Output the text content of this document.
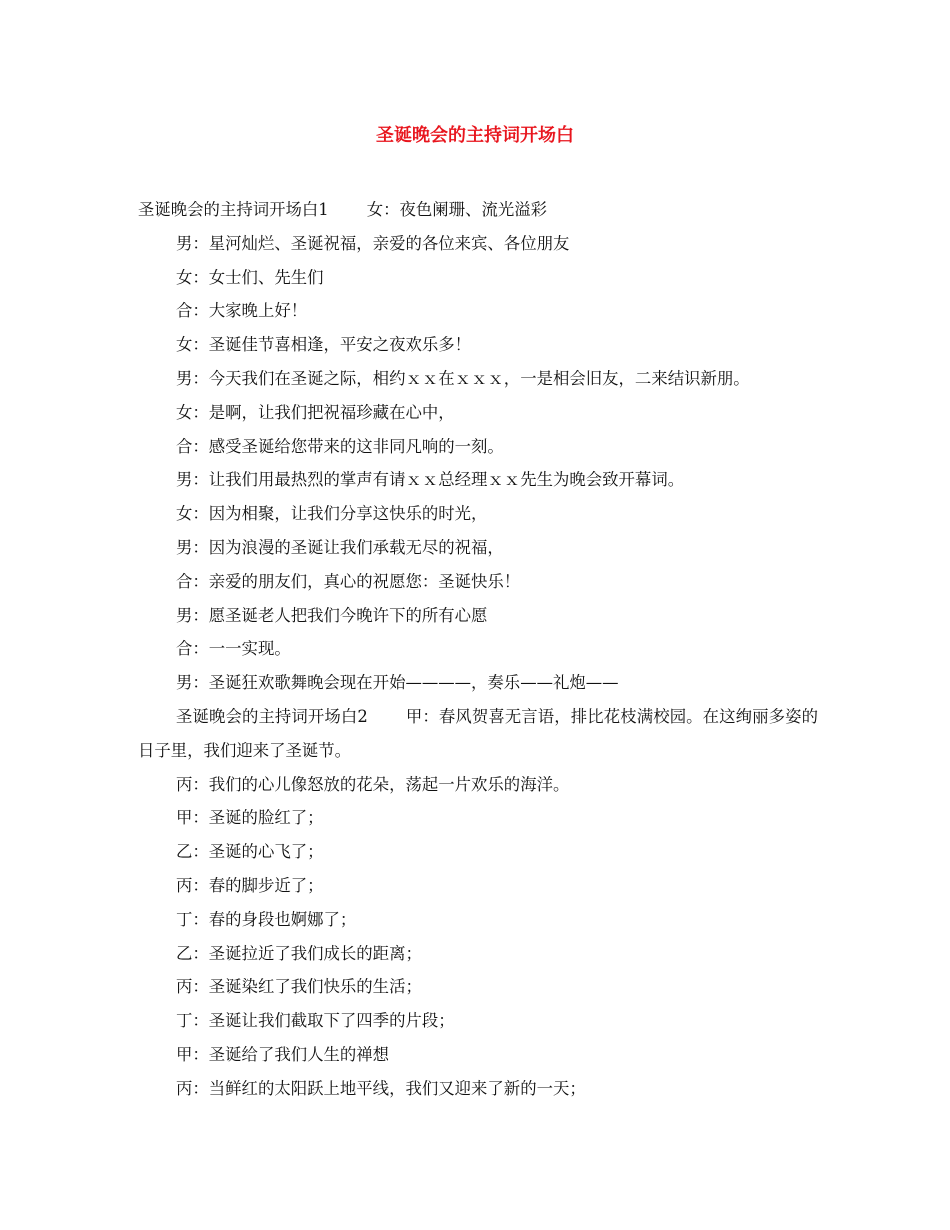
圣诞晚会的主持词开场白

圣诞晚会的主持词开场白1 女：夜色阑珊、流光溢彩

男：星河灿烂、圣诞祝福，亲爱的各位来宾、各位朋友

女：女士们、先生们

合：大家晚上好！

女：圣诞佳节喜相逢，平安之夜欢乐多！

男：今天我们在圣诞之际，相约ｘｘ在ｘｘｘ，一是相会旧友，二来结识新朋。

女：是啊，让我们把祝福珍藏在心中，

合：感受圣诞给您带来的这非同凡响的一刻。

男：让我们用最热烈的掌声有请ｘｘ总经理ｘｘ先生为晚会致开幕词。

女：因为相聚，让我们分享这快乐的时光，

男：因为浪漫的圣诞让我们承载无尽的祝福，

合：亲爱的朋友们，真心的祝愿您：圣诞快乐！

男：愿圣诞老人把我们今晚许下的所有心愿

合：一一实现。

男：圣诞狂欢歌舞晚会现在开始————，奏乐——礼炮——

圣诞晚会的主持词开场白2 甲：春风贺喜无言语，排比花枝满校园。在这绚丽多姿的日子里，我们迎来了圣诞节。

丙：我们的心儿像怒放的花朵，荡起一片欢乐的海洋。

甲：圣诞的脸红了；

乙：圣诞的心飞了；

丙：春的脚步近了；

丁：春的身段也婀娜了；

乙：圣诞拉近了我们成长的距离；

丙：圣诞染红了我们快乐的生活；

丁：圣诞让我们截取下了四季的片段；

甲：圣诞给了我们人生的禅想

丙：当鲜红的太阳跃上地平线，我们又迎来了新的一天；
